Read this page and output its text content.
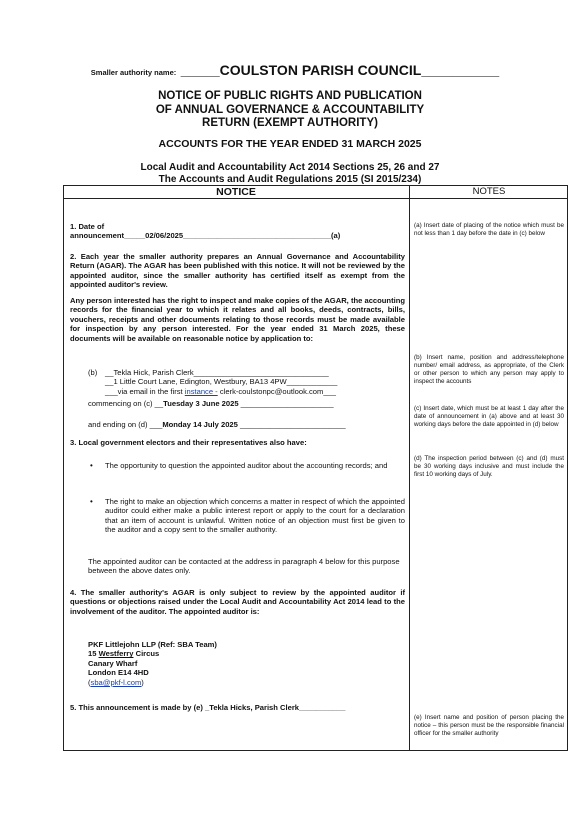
Smaller authority name: _____COULSTON PARISH COUNCIL__________
NOTICE OF PUBLIC RIGHTS AND PUBLICATION
OF ANNUAL GOVERNANCE & ACCOUNTABILITY
RETURN (EXEMPT AUTHORITY)
ACCOUNTS FOR THE YEAR ENDED 31 MARCH 2025
Local Audit and Accountability Act 2014 Sections 25, 26 and 27
The Accounts and Audit Regulations 2015 (SI 2015/234)
NOTICE	NOTES
1. Date of
announcement_____02/06/2025___________________________________(a)
2. Each year the smaller authority prepares an Annual Governance and Accountability Return (AGAR). The AGAR has been published with this notice. It will not be reviewed by the appointed auditor, since the smaller authority has certified itself as exempt from the appointed auditor's review.
Any person interested has the right to inspect and make copies of the AGAR, the accounting records for the financial year to which it relates and all books, deeds, contracts, bills, vouchers, receipts and other documents relating to those records must be made available for inspection by any person interested. For the year ended 31 March 2025, these documents will be available on reasonable notice by application to:
(b) __Tekla Hick, Parish Clerk________________________________
__1 Little Court Lane, Edington, Westbury, BA13 4PW____________
___via email in the first instance - clerk-coulstonpc@outlook.com___
commencing on (c) __Tuesday 3 June 2025 ______________________
and ending on (d) ___Monday 14 July 2025 _________________________
3. Local government electors and their representatives also have:
• The opportunity to question the appointed auditor about the accounting records; and
• The right to make an objection which concerns a matter in respect of which the appointed auditor could either make a public interest report or apply to the court for a declaration that an item of account is unlawful. Written notice of an objection must first be given to the auditor and a copy sent to the smaller authority.
The appointed auditor can be contacted at the address in paragraph 4 below for this purpose between the above dates only.
4. The smaller authority's AGAR is only subject to review by the appointed auditor if questions or objections raised under the Local Audit and Accountability Act 2014 lead to the involvement of the auditor. The appointed auditor is:
PKF Littlejohn LLP (Ref: SBA Team)
15 Westferry Circus
Canary Wharf
London E14 4HD
(sba@pkf-l.com)
5. This announcement is made by (e) _Tekla Hicks, Parish Clerk___________
(a) Insert date of placing of the notice which must be not less than 1 day before the date in (c) below
(b) Insert name, position and address/telephone number/ email address, as appropriate, of the Clerk or other person to which any person may apply to inspect the accounts
(c) Insert date, which must be at least 1 day after the date of announcement in (a) above and at least 30 working days before the date appointed in (d) below
(d) The inspection period between (c) and (d) must be 30 working days inclusive and must include the first 10 working days of July.
(e) Insert name and position of person placing the notice – this person must be the responsible financial officer for the smaller authority
